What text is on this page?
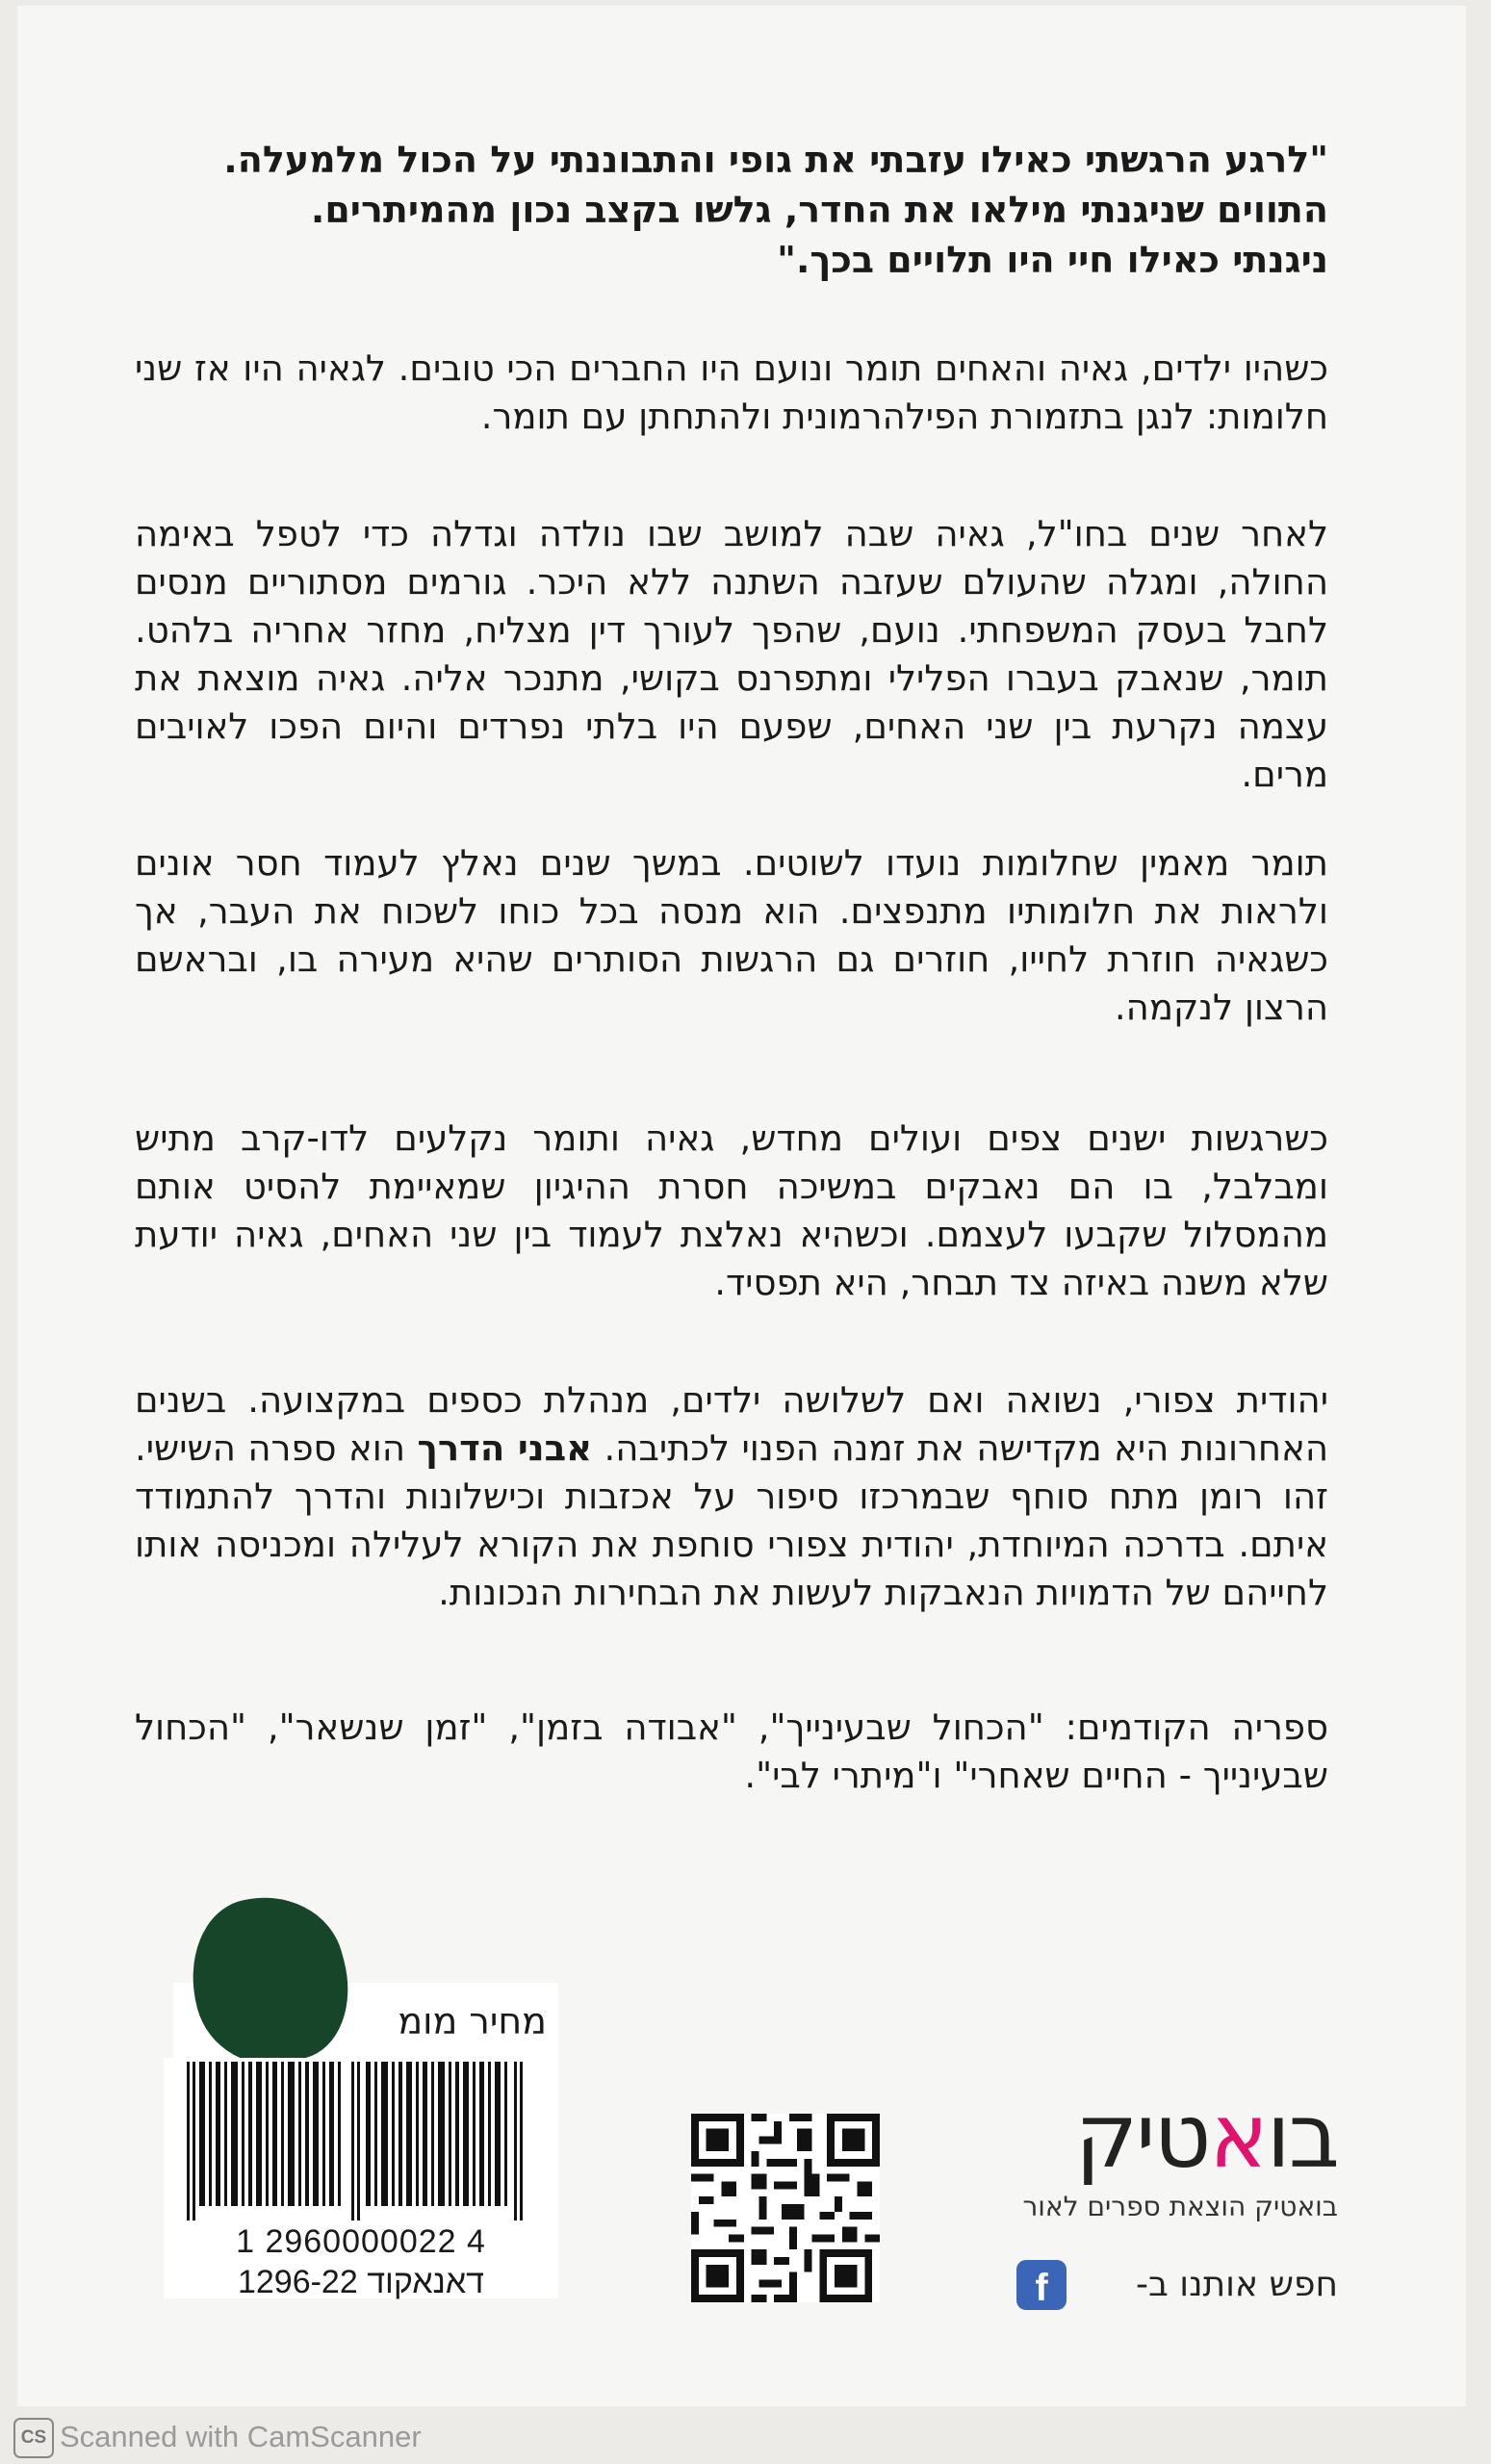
"לרגע הרגשתי כאילו עזבתי את גופי והתבוננתי על הכול מלמעלה.

התווים שניגנתי מילאו את החדר, גלשו בקצב נכון מהמיתרים.

ניגנתי כאילו חיי היו תלויים בכך."

כשהיו ילדים, גאיה והאחים תומר ונועם היו החברים הכי טובים. לגאיה היו אז שני חלומות: לנגן בתזמורת הפילהרמונית ולהתחתן עם תומר.

לאחר שנים בחו"ל, גאיה שבה למושב שבו נולדה וגדלה כדי לטפל באימה החולה, ומגלה שהעולם שעזבה השתנה ללא היכר. גורמים מסתוריים מנסים לחבל בעסק המשפחתי. נועם, שהפך לעורך דין מצליח, מחזר אחריה בלהט. תומר, שנאבק בעברו הפלילי ומתפרנס בקושי, מתנכר אליה. גאיה מוצאת את עצמה נקרעת בין שני האחים, שפעם היו בלתי נפרדים והיום הפכו לאויבים מרים.

תומר מאמין שחלומות נועדו לשוטים. במשך שנים נאלץ לעמוד חסר אונים ולראות את חלומותיו מתנפצים. הוא מנסה בכל כוחו לשכוח את העבר, אך כשגאיה חוזרת לחייו, חוזרים גם הרגשות הסותרים שהיא מעירה בו, ובראשם הרצון לנקמה.

כשרגשות ישנים צפים ועולים מחדש, גאיה ותומר נקלעים לדו-קרב מתיש ומבלבל, בו הם נאבקים במשיכה חסרת ההיגיון שמאיימת להסיט אותם מהמסלול שקבעו לעצמם. וכשהיא נאלצת לעמוד בין שני האחים, גאיה יודעת שלא משנה באיזה צד תבחר, היא תפסיד.

יהודית צפורי, נשואה ואם לשלושה ילדים, מנהלת כספים במקצועה. בשנים האחרונות היא מקדישה את זמנה הפנוי לכתיבה. אבני הדרך הוא ספרה השישי. זהו רומן מתח סוחף שבמרכזו סיפור על אכזבות וכישלונות והדרך להתמודד איתם. בדרכה המיוחדת, יהודית צפורי סוחפת את הקורא לעלילה ומכניסה אותו לחייהם של הדמויות הנאבקות לעשות את הבחירות הנכונות.

ספריה הקודמים: "הכחול שבעינייך", "אבודה בזמן", "זמן שנשאר", "הכחול שבעינייך - החיים שאחרי" ו"מיתרי לבי".

מחיר מומ
1 2960000022 4
דאנאקוד 1296-22
בואטיק
בואטיק הוצאת ספרים לאור
חפש אותנו ב-
f
CS Scanned with CamScanner
